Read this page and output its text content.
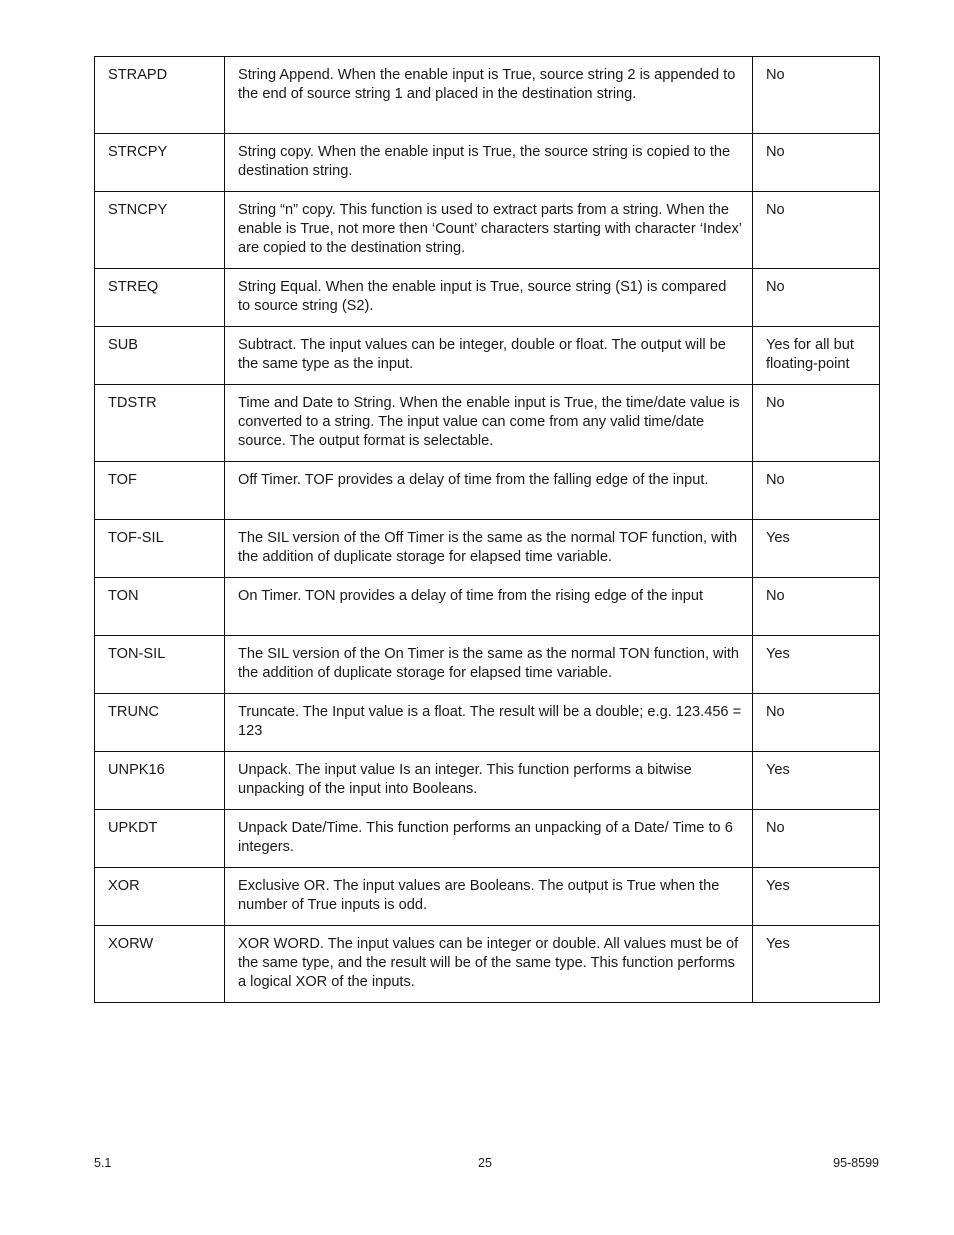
STRAPD	String Append. When the enable input is True, source string 2 is appended to the end of source string 1 and placed in the destination string.	No
STRCPY	String copy. When the enable input is True, the source string is copied to the destination string.	No
STNCPY	String “n” copy. This function is used to extract parts from a string. When the enable is True, not more then ‘Count’ characters starting with character ‘Index’ are copied to the destination string.	No
STREQ	String Equal. When the enable input is True, source string (S1) is compared to source string (S2).	No
SUB	Subtract. The input values can be integer, double or float. The output will be the same type as the input.	Yes for all but floating-point
TDSTR	Time and Date to String. When the enable input is True, the time/date value is converted to a string. The input value can come from any valid time/date source. The output format is selectable.	No
TOF	Off Timer. TOF provides a delay of time from the falling edge of the input.	No
TOF-SIL	The SIL version of the Off Timer is the same as the normal TOF function, with the addition of duplicate storage for elapsed time variable.	Yes
TON	On Timer. TON provides a delay of time from the rising edge of the input	No
TON-SIL	The SIL version of the On Timer is the same as the normal TON function, with the addition of duplicate storage for elapsed time variable.	Yes
TRUNC	Truncate. The Input value is a float. The result will be a double; e.g. 123.456 = 123	No
UNPK16	Unpack. The input value Is an integer. This function performs a bitwise unpacking of the input into Booleans.	Yes
UPKDT	Unpack Date/Time. This function performs an unpacking of a Date/ Time to 6 integers.	No
XOR	Exclusive OR. The input values are Booleans. The output is True when the number of True inputs is odd.	Yes
XORW	XOR WORD. The input values can be integer or double. All values must be of the same type, and the result will be of the same type. This function performs a logical XOR of the inputs.	Yes
5.1	25	95-8599
